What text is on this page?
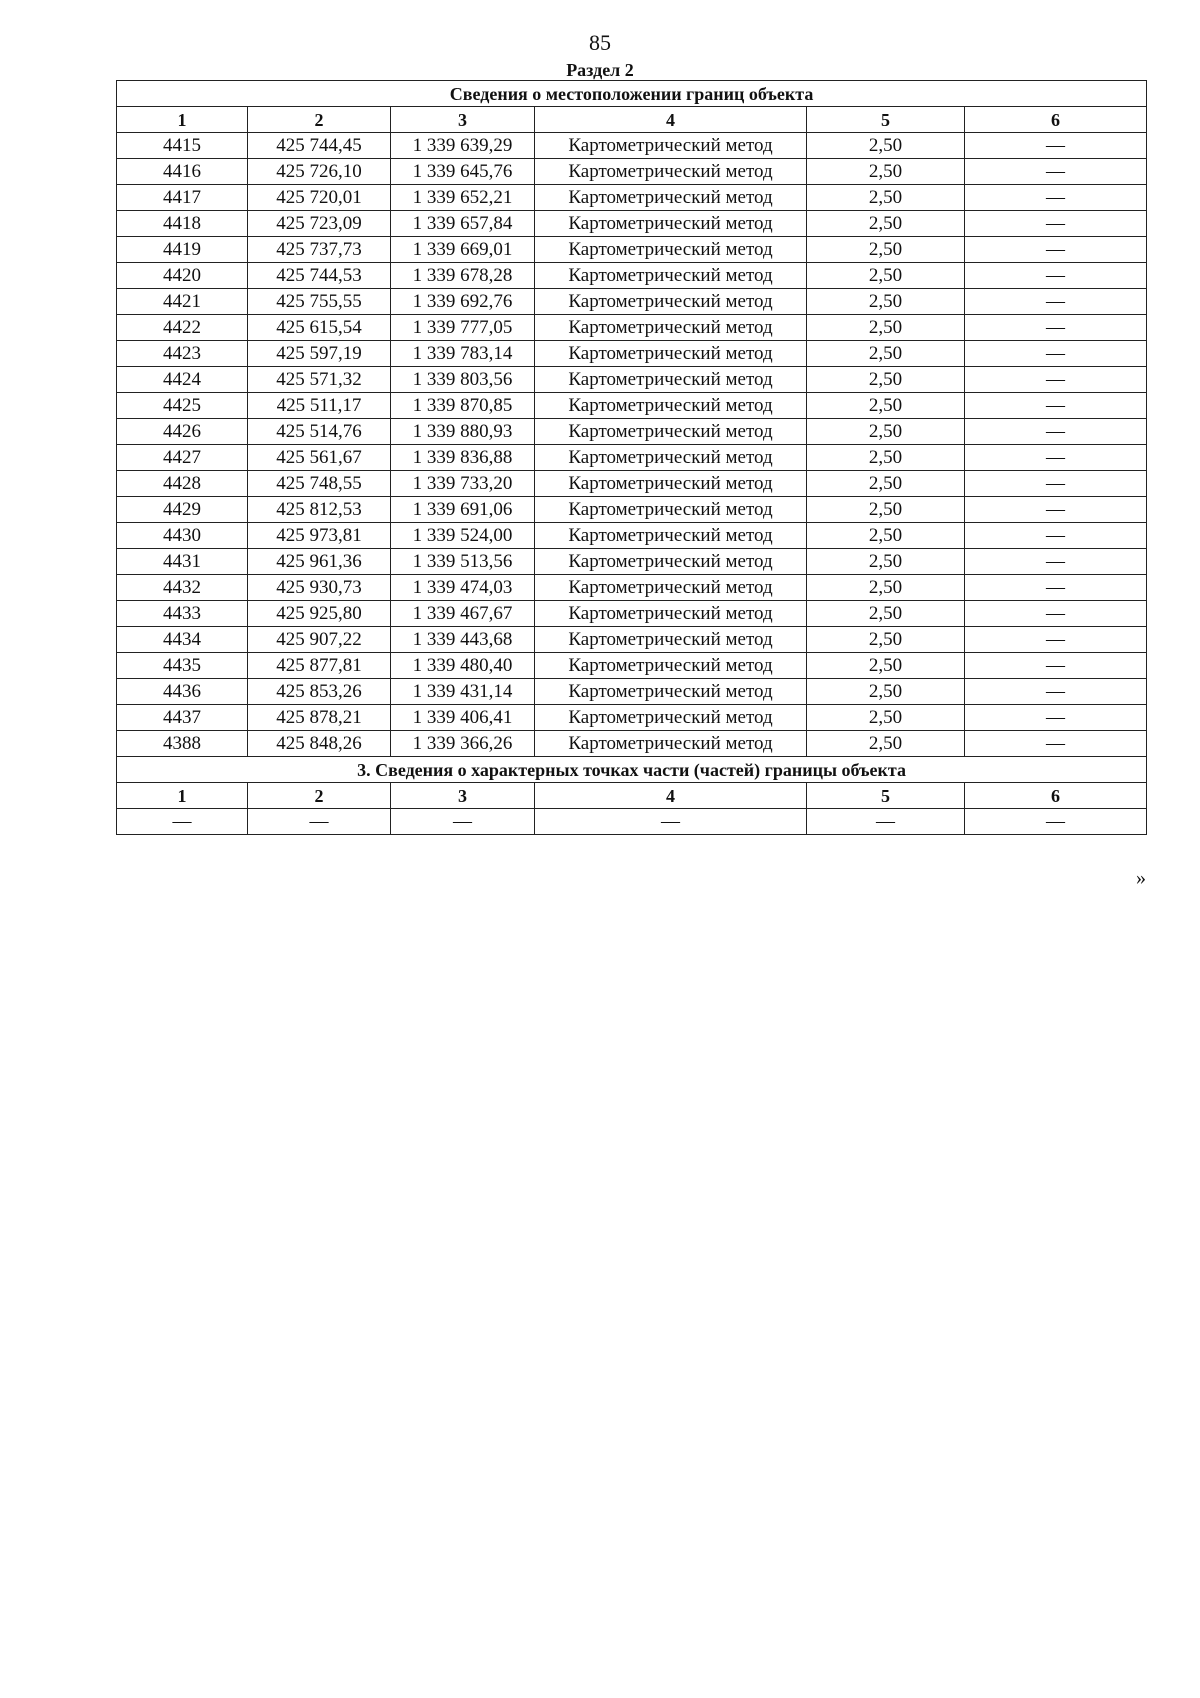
85
Раздел 2
Сведения о местоположении границ объекта					
1	2	3	4	5	6
4415	425 744,45	1 339 639,29	Картометрический метод	2,50	—
4416	425 726,10	1 339 645,76	Картометрический метод	2,50	—
4417	425 720,01	1 339 652,21	Картометрический метод	2,50	—
4418	425 723,09	1 339 657,84	Картометрический метод	2,50	—
4419	425 737,73	1 339 669,01	Картометрический метод	2,50	—
4420	425 744,53	1 339 678,28	Картометрический метод	2,50	—
4421	425 755,55	1 339 692,76	Картометрический метод	2,50	—
4422	425 615,54	1 339 777,05	Картометрический метод	2,50	—
4423	425 597,19	1 339 783,14	Картометрический метод	2,50	—
4424	425 571,32	1 339 803,56	Картометрический метод	2,50	—
4425	425 511,17	1 339 870,85	Картометрический метод	2,50	—
4426	425 514,76	1 339 880,93	Картометрический метод	2,50	—
4427	425 561,67	1 339 836,88	Картометрический метод	2,50	—
4428	425 748,55	1 339 733,20	Картометрический метод	2,50	—
4429	425 812,53	1 339 691,06	Картометрический метод	2,50	—
4430	425 973,81	1 339 524,00	Картометрический метод	2,50	—
4431	425 961,36	1 339 513,56	Картометрический метод	2,50	—
4432	425 930,73	1 339 474,03	Картометрический метод	2,50	—
4433	425 925,80	1 339 467,67	Картометрический метод	2,50	—
4434	425 907,22	1 339 443,68	Картометрический метод	2,50	—
4435	425 877,81	1 339 480,40	Картометрический метод	2,50	—
4436	425 853,26	1 339 431,14	Картометрический метод	2,50	—
4437	425 878,21	1 339 406,41	Картометрический метод	2,50	—
4388	425 848,26	1 339 366,26	Картометрический метод	2,50	—
3. Сведения о характерных точках части (частей) границы объекта					
1	2	3	4	5	6
—	—	—	—	—	—
»
